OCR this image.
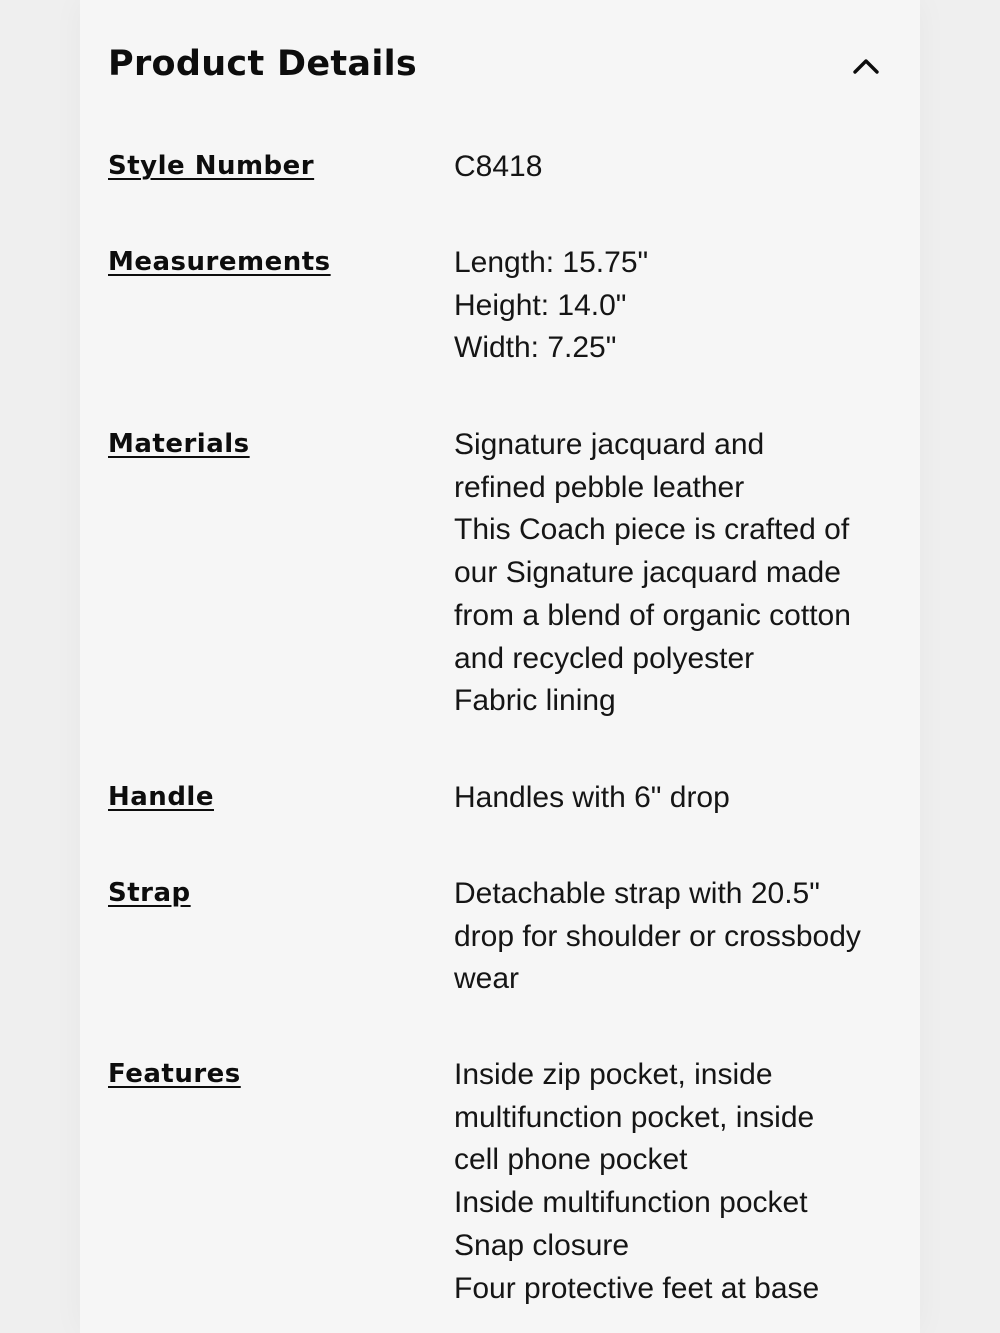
Product Details
Style Number	C8418
Measurements	Length: 15.75"
Height: 14.0"
Width: 7.25"
Materials	Signature jacquard and
refined pebble leather
This Coach piece is crafted of
our Signature jacquard made
from a blend of organic cotton
and recycled polyester
Fabric lining
Handle	Handles with 6" drop
Strap	Detachable strap with 20.5"
drop for shoulder or crossbody
wear
Features	Inside zip pocket, inside
multifunction pocket, inside
cell phone pocket
Inside multifunction pocket
Snap closure
Four protective feet at base
